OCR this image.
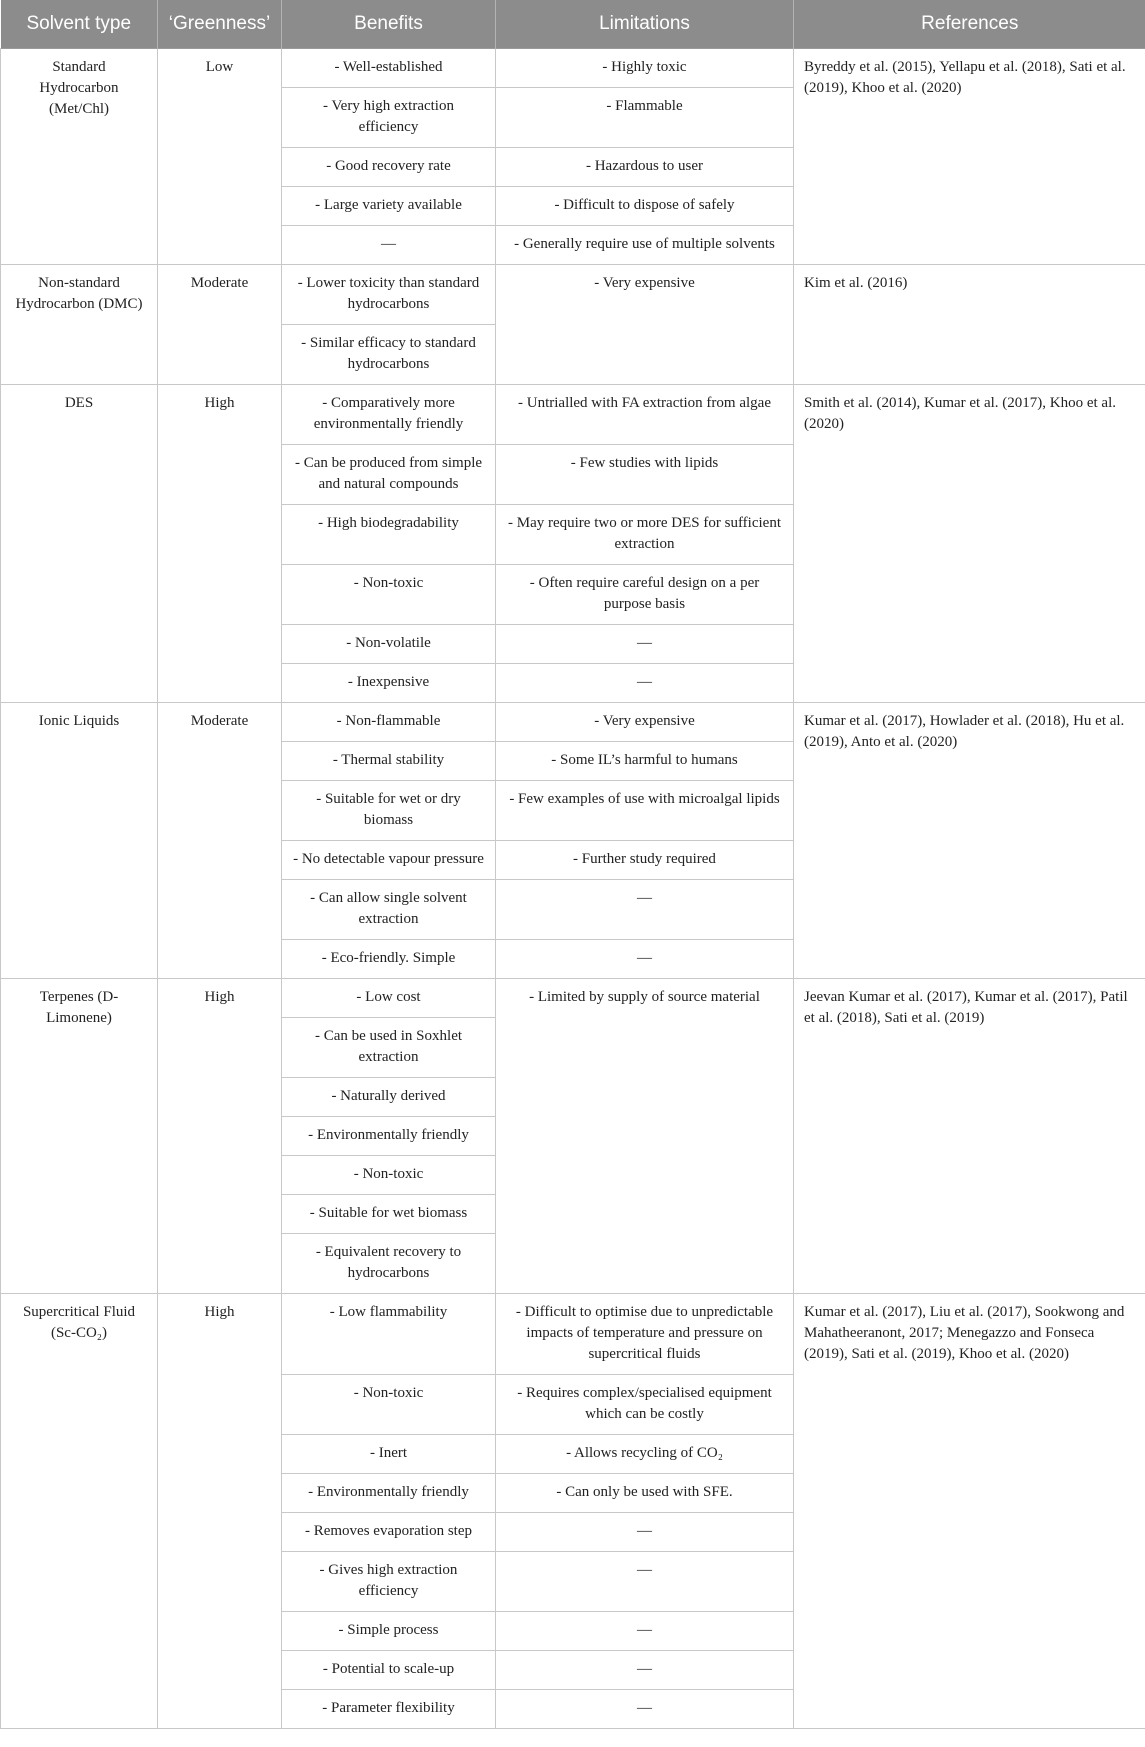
Solvent type	‘Greenness’	Benefits	Limitations	References
Standard Hydrocarbon (Met/Chl)	Low	- Well-established	- Highly toxic	Byreddy et al. (2015), Yellapu et al. (2018), Sati et al. (2019), Khoo et al. (2020)
		- Very high extraction efficiency	- Flammable	
		- Good recovery rate	- Hazardous to user	
		- Large variety available	- Difficult to dispose of safely	
		—	- Generally require use of multiple solvents	
Non-standard Hydrocarbon (DMC)	Moderate	- Lower toxicity than standard hydrocarbons	- Very expensive	Kim et al. (2016)
		- Similar efficacy to standard hydrocarbons		
DES	High	- Comparatively more environmentally friendly	- Untrialled with FA extraction from algae	Smith et al. (2014), Kumar et al. (2017), Khoo et al. (2020)
		- Can be produced from simple and natural compounds	- Few studies with lipids	
		- High biodegradability	- May require two or more DES for sufficient extraction	
		- Non-toxic	- Often require careful design on a per purpose basis	
		- Non-volatile	—	
		- Inexpensive	—	
Ionic Liquids	Moderate	- Non-flammable	- Very expensive	Kumar et al. (2017), Howlader et al. (2018), Hu et al. (2019), Anto et al. (2020)
		- Thermal stability	- Some IL’s harmful to humans	
		- Suitable for wet or dry biomass	- Few examples of use with microalgal lipids	
		- No detectable vapour pressure	- Further study required	
		- Can allow single solvent extraction	—	
		- Eco-friendly. Simple	—	
Terpenes (D-Limonene)	High	- Low cost	- Limited by supply of source material	Jeevan Kumar et al. (2017), Kumar et al. (2017), Patil et al. (2018), Sati et al. (2019)
		- Can be used in Soxhlet extraction		
		- Naturally derived		
		- Environmentally friendly		
		- Non-toxic		
		- Suitable for wet biomass		
		- Equivalent recovery to hydrocarbons		
Supercritical Fluid (Sc-CO₂)	High	- Low flammability	- Difficult to optimise due to unpredictable impacts of temperature and pressure on supercritical fluids	Kumar et al. (2017), Liu et al. (2017), Sookwong and Mahatheeranont, 2017; Menegazzo and Fonseca (2019), Sati et al. (2019), Khoo et al. (2020)
		- Non-toxic	- Requires complex/specialised equipment which can be costly	
		- Inert	- Allows recycling of CO₂	
		- Environmentally friendly	- Can only be used with SFE.	
		- Removes evaporation step	—	
		- Gives high extraction efficiency	—	
		- Simple process	—	
		- Potential to scale-up	—	
		- Parameter flexibility	—	
